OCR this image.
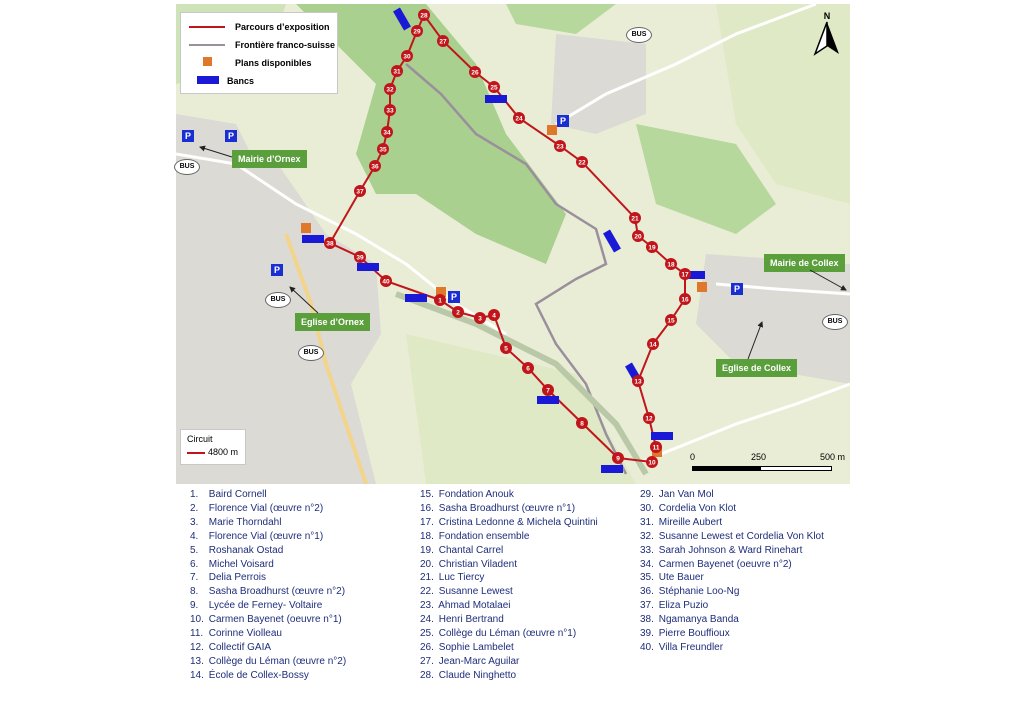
1
2
3 4
5
6
7
8
9
10
11
12
13
14
15
16
17
18
19
20
21
22
23
24
25
26
27
28
29
30
31
32
33
34
35
36
37
38
39
40
Parcours d’exposition
Frontière franco-suisse
Plans disponibles
Bancs
N
Mairie d’Ornex
Eglise d’Ornex
Mairie de Collex
Eglise de Collex
BUS
BUS
BUS
BUS
BUS
P	P
P
P
P
P
Circuit
4800 m	0	250	500 m
1. Baird Cornell
2. Florence Vial (œuvre n°2)
3. Marie Thorndahl
4. Florence Vial (œuvre n°1)
5. Roshanak Ostad
6. Michel Voisard
7. Delia Perrois
8. Sasha Broadhurst (œuvre n°2)
9. Lycée de Ferney- Voltaire
10. Carmen Bayenet (oeuvre n°1)
11. Corinne Violleau
12. Collectif GAIA
13. Collège du Léman (œuvre n°2)
14. École de Collex-Bossy
15. Fondation Anouk
16. Sasha Broadhurst (œuvre n°1)
17. Cristina Ledonne & Michela Quintini
18. Fondation ensemble
19. Chantal Carrel
20. Christian Viladent
21. Luc Tiercy
22. Susanne Lewest
23. Ahmad Motalaei
24. Henri Bertrand
25. Collège du Léman (œuvre n°1)
26. Sophie Lambelet
27. Jean-Marc Aguilar
28. Claude Ninghetto
29. Jan Van Mol
30. Cordelia Von Klot
31. Mireille Aubert
32. Susanne Lewest et Cordelia Von Klot
33. Sarah Johnson & Ward Rinehart
34. Carmen Bayenet (oeuvre n°2)
35. Ute Bauer
36. Stéphanie Loo-Ng
37. Eliza Puzio
38. Ngamanya Banda
39. Pierre Bouffioux
40. Villa Freundler
